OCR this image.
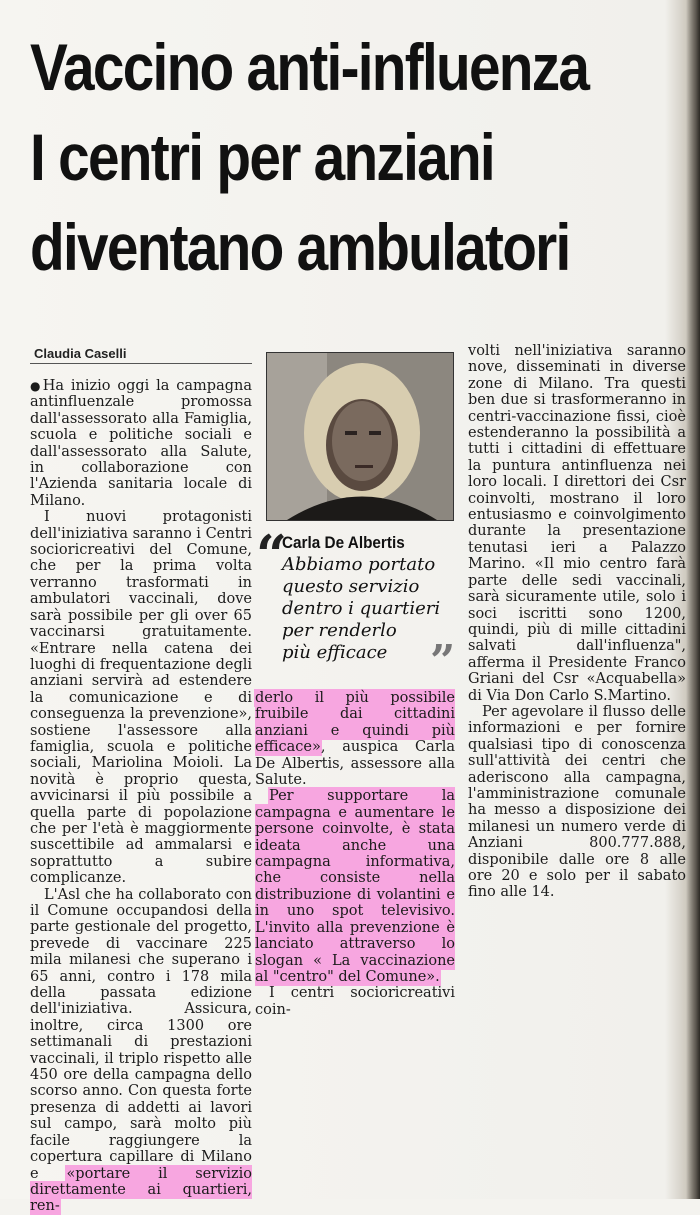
Vaccino anti-influenza
I centri per anziani
diventano ambulatori
Claudia Caselli

●Ha inizio oggi la campagna antinfluenzale promossa dall'assessorato alla Famiglia, scuola e politiche sociali e dall'assessorato alla Salute, in collaborazione con l'Azienda sanitaria locale di Milano.

I nuovi protagonisti dell'iniziativa saranno i Centri socioricreativi del Comune, che per la prima volta verranno trasformati in ambulatori vaccinali, dove sarà possibile per gli over 65 vaccinarsi gratuitamente. «Entrare nella catena dei luoghi di frequentazione degli anziani servirà ad estendere la comunicazione e di conseguenza la prevenzione», sostiene l'assessore alla famiglia, scuola e politiche sociali, Mariolina Moioli. La novità è proprio questa, avvicinarsi il più possibile a quella parte di popolazione che per l'età è maggiormente suscettibile ad ammalarsi e soprattutto a subire complicanze.

L'Asl che ha collaborato con il Comune occupandosi della parte gestionale del progetto, prevede di vaccinare 225 mila milanesi che superano i 65 anni, contro i 178 mila della passata edizione dell'iniziativa. Assicura, inoltre, circa 1300 ore settimanali di prestazioni vaccinali, il triplo rispetto alle 450 ore della campagna dello scorso anno. Con questa forte presenza di addetti ai lavori sul campo, sarà molto più facile raggiungere la copertura capillare di Milano e «portare il servizio direttamente ai quartieri, ren-

“
Carla De Albertis
Abbiamo portato
questo servizio
dentro i quartieri
per renderlo
più efficace ”

derlo il più possibile fruibile dai cittadini anziani e quindi più efficace», auspica Carla De Albertis, assessore alla Salute.

Per supportare la campagna e aumentare le persone coinvolte, è stata ideata anche una campagna informativa, che consiste nella distribuzione di volantini e in uno spot televisivo. L'invito alla prevenzione è lanciato attraverso lo slogan « La vaccinazione al "centro" del Comune».

I centri socioricreativi coin-

volti nell'iniziativa saranno nove, disseminati in diverse zone di Milano. Tra questi ben due si trasformeranno in centri-vaccinazione fissi, cioè estenderanno la possibilità a tutti i cittadini di effettuare la puntura antinfluenza nei loro locali. I direttori dei Csr coinvolti, mostrano il loro entusiasmo e coinvolgimento durante la presentazione tenutasi ieri a Palazzo Marino. «Il mio centro farà parte delle sedi vaccinali, sarà sicuramente utile, solo i soci iscritti sono 1200, quindi, più di mille cittadini salvati dall'influenza", afferma il Presidente Franco Griani del Csr «Acquabella» di Via Don Carlo S.Martino.

Per agevolare il flusso delle informazioni e per fornire qualsiasi tipo di conoscenza sull'attività dei centri che aderiscono alla campagna, l'amministrazione comunale ha messo a disposizione dei milanesi un numero verde di Anziani 800.777.888, disponibile dalle ore 8 alle ore 20 e solo per il sabato fino alle 14.
